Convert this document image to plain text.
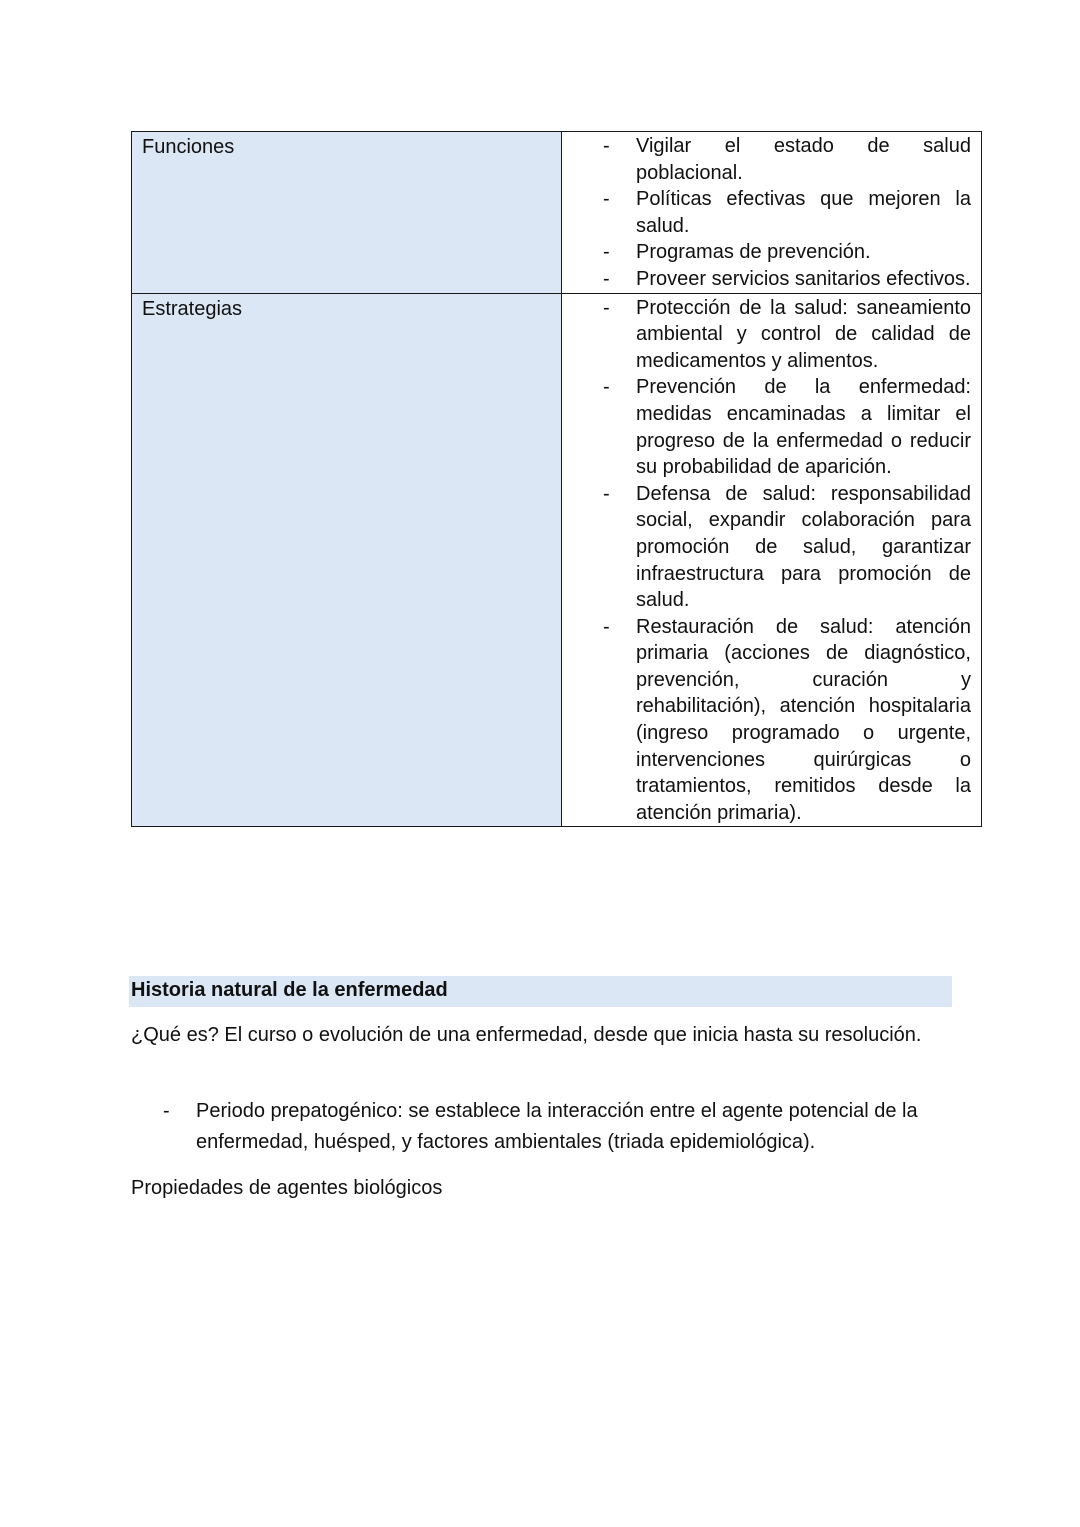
Funciones	- Vigilar el estado de salud poblacional.
- Políticas efectivas que mejoren la salud.
- Programas de prevención.
- Proveer servicios sanitarios efectivos.

Estrategias	- Protección de la salud: saneamiento ambiental y control de calidad de medicamentos y alimentos.
- Prevención de la enfermedad: medidas encaminadas a limitar el progreso de la enfermedad o reducir su probabilidad de aparición.
- Defensa de salud: responsabilidad social, expandir colaboración para promoción de salud, garantizar infraestructura para promoción de salud.
- Restauración de salud: atención primaria (acciones de diagnóstico, prevención, curación y rehabilitación), atención hospitalaria (ingreso programado o urgente, intervenciones quirúrgicas o tratamientos, remitidos desde la atención primaria).
Historia natural de la enfermedad
¿Qué es? El curso o evolución de una enfermedad, desde que inicia hasta su resolución.
- Periodo prepatogénico: se establece la interacción entre el agente potencial de la enfermedad, huésped, y factores ambientales (triada epidemiológica).
Propiedades de agentes biológicos
